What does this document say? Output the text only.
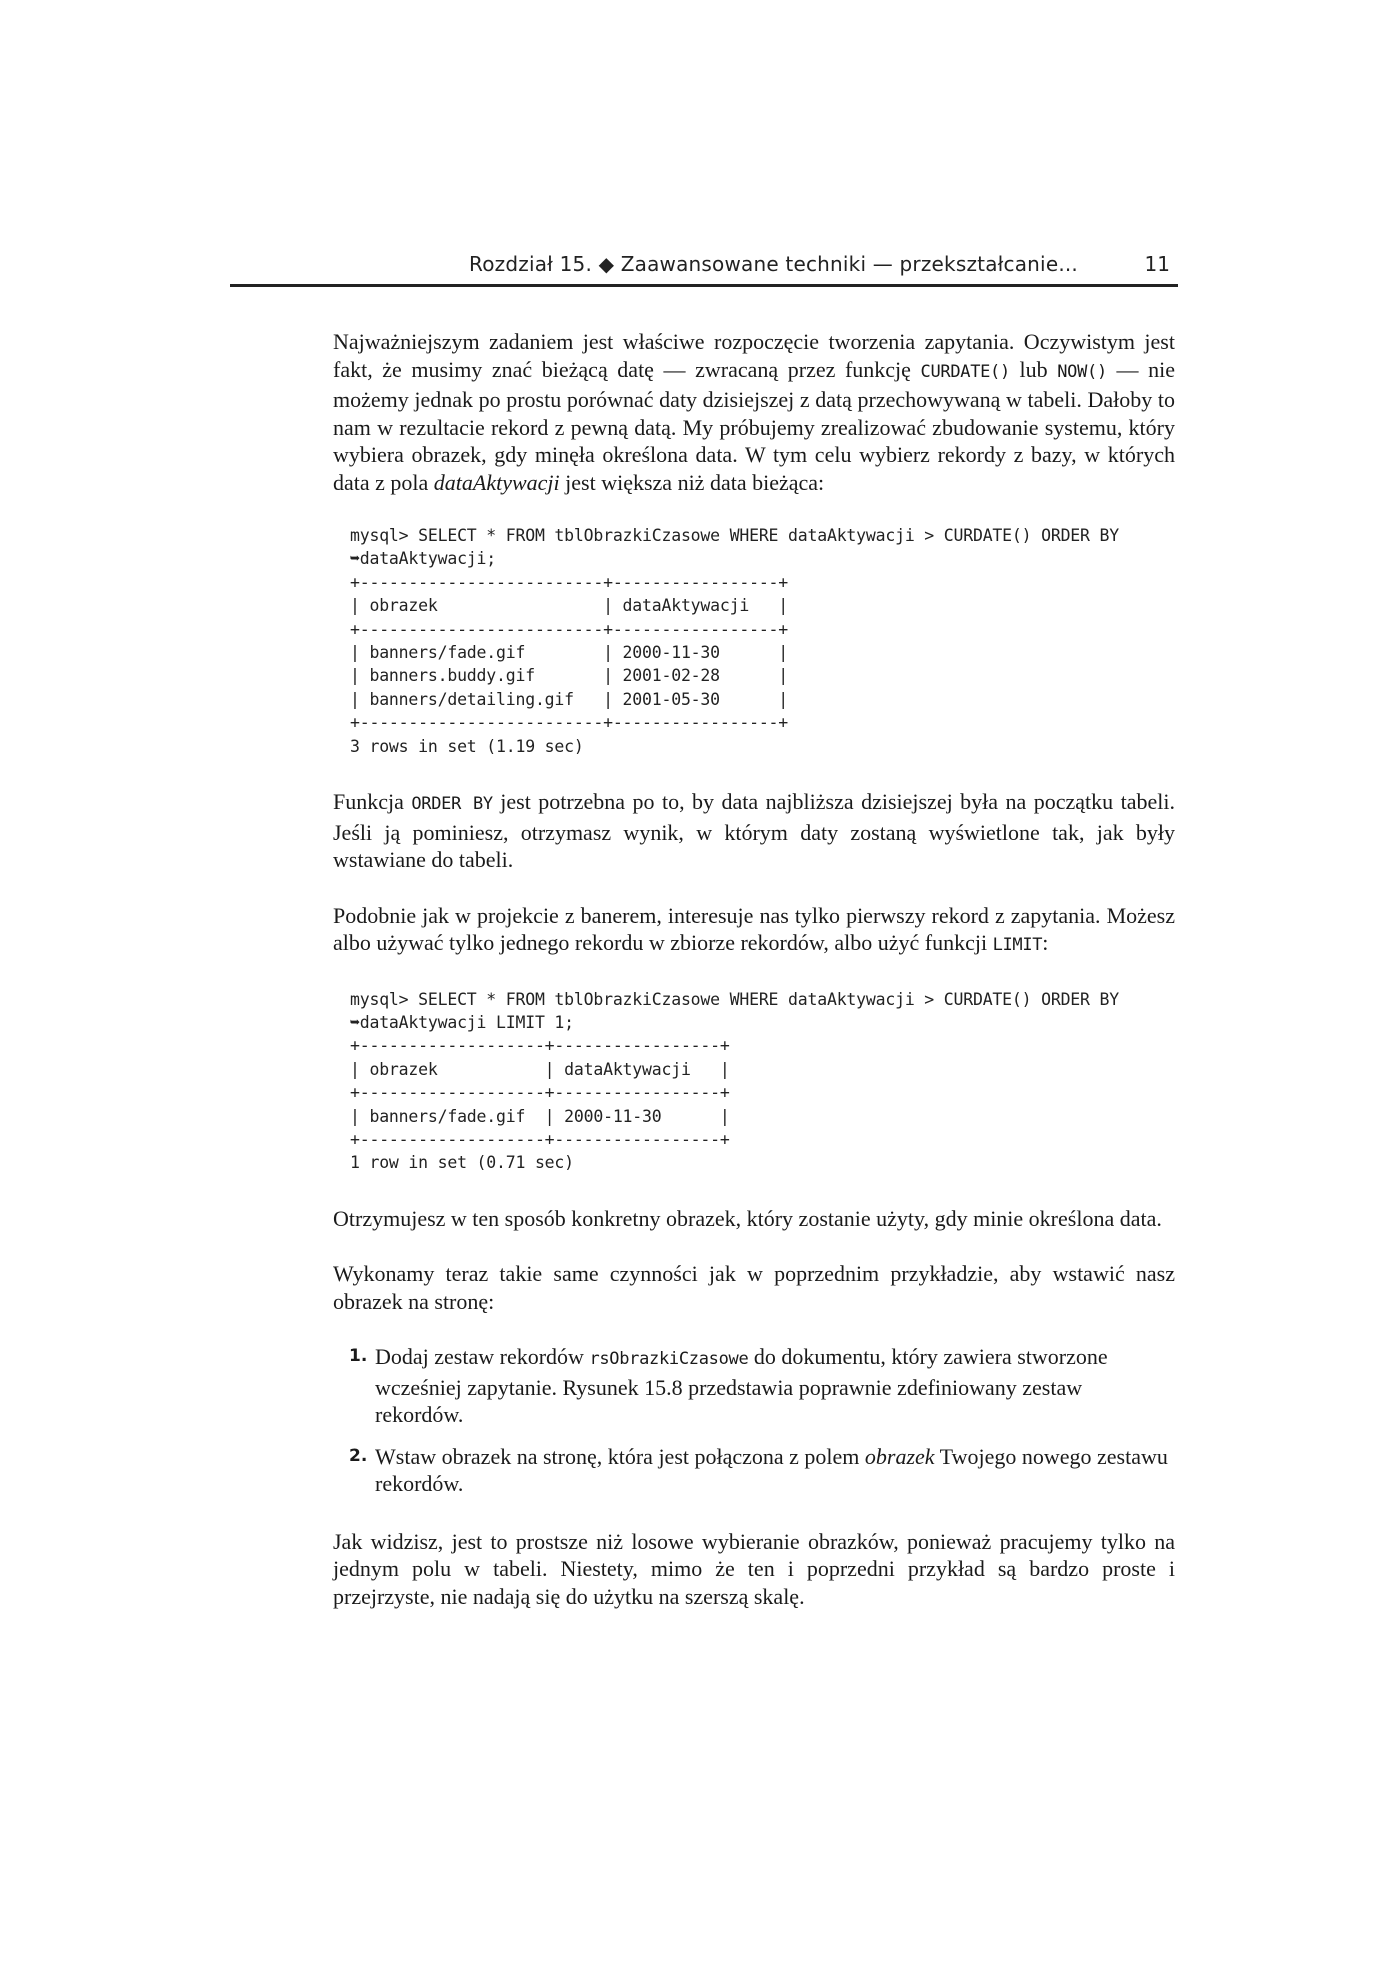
Rozdział 15. ◆ Zaawansowane techniki — przekształcanie...	11

Najważniejszym zadaniem jest właściwe rozpoczęcie tworzenia zapytania. Oczywistym jest fakt, że musimy znać bieżącą datę — zwracaną przez funkcję CURDATE() lub NOW() — nie możemy jednak po prostu porównać daty dzisiejszej z datą przechowywaną w tabeli. Dałoby to nam w rezultacie rekord z pewną datą. My próbujemy zrealizować zbudowanie systemu, który wybiera obrazek, gdy minęła określona data. W tym celu wybierz rekordy z bazy, w których data z pola dataAktywacji jest większa niż data bieżąca:

mysql> SELECT * FROM tblObrazkiCzasowe WHERE dataAktywacji > CURDATE() ORDER BY
➥dataAktywacji;
+-------------------------+-----------------+
| obrazek                 | dataAktywacji   |
+-------------------------+-----------------+
| banners/fade.gif        | 2000-11-30      |
| banners.buddy.gif       | 2001-02-28      |
| banners/detailing.gif   | 2001-05-30      |
+-------------------------+-----------------+
3 rows in set (1.19 sec)

Funkcja ORDER BY jest potrzebna po to, by data najbliższa dzisiejszej była na początku tabeli. Jeśli ją pominiesz, otrzymasz wynik, w którym daty zostaną wyświetlone tak, jak były wstawiane do tabeli.

Podobnie jak w projekcie z banerem, interesuje nas tylko pierwszy rekord z zapytania. Możesz albo używać tylko jednego rekordu w zbiorze rekordów, albo użyć funkcji LIMIT:

mysql> SELECT * FROM tblObrazkiCzasowe WHERE dataAktywacji > CURDATE() ORDER BY
➥dataAktywacji LIMIT 1;
+-------------------+-----------------+
| obrazek           | dataAktywacji   |
+-------------------+-----------------+
| banners/fade.gif  | 2000-11-30      |
+-------------------+-----------------+
1 row in set (0.71 sec)

Otrzymujesz w ten sposób konkretny obrazek, który zostanie użyty, gdy minie określona data.

Wykonamy teraz takie same czynności jak w poprzednim przykładzie, aby wstawić nasz obrazek na stronę:

1. Dodaj zestaw rekordów rsObrazkiCzasowe do dokumentu, który zawiera stworzone wcześniej zapytanie. Rysunek 15.8 przedstawia poprawnie zdefiniowany zestaw rekordów.
2. Wstaw obrazek na stronę, która jest połączona z polem obrazek Twojego nowego zestawu rekordów.

Jak widzisz, jest to prostsze niż losowe wybieranie obrazków, ponieważ pracujemy tylko na jednym polu w tabeli. Niestety, mimo że ten i poprzedni przykład są bardzo proste i przejrzyste, nie nadają się do użytku na szerszą skalę.
